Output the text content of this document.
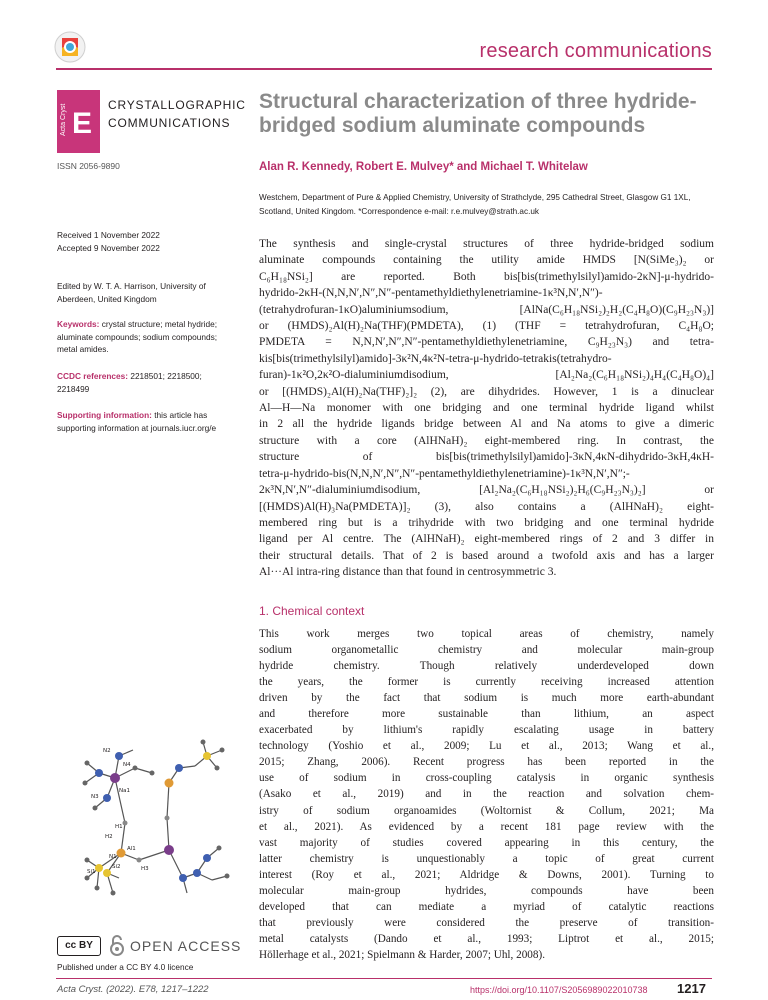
research communications
Acta Cryst E
CRYSTALLOGRAPHIC
COMMUNICATIONS
ISSN 2056-9890
Structural characterization of three hydride-
bridged sodium aluminate compounds
Alan R. Kennedy, Robert E. Mulvey* and Michael T. Whitelaw
Westchem, Department of Pure & Applied Chemistry, University of Strathclyde, 295 Cathedral Street, Glasgow G1 1XL,
Scotland, United Kingdom. *Correspondence e-mail: r.e.mulvey@strath.ac.uk
Received 1 November 2022
Accepted 9 November 2022
Edited by W. T. A. Harrison, University of Aberdeen, United Kingdom
Keywords: crystal structure; metal hydride; aluminate compounds; sodium compounds; metal amides.
CCDC references: 2218501; 2218500; 2218499
Supporting information: this article has supporting information at journals.iucr.org/e

The synthesis and single-crystal structures of three hydride-bridged sodium

aluminate compounds containing the utility amide HMDS [N(SiMe₃)₂ or

C₆H₁₈NSi₂] are reported. Both bis[bis(trimethylsilyl)amido-2κN]-μ-hydrido-

hydrido-2κH-(N,N,N′,N″,N″-pentamethyldiethylenetriamine-1κ³N,N′,N″)-

(tetrahydrofuran-1κO)aluminiumsodium, [AlNa(C₆H₁₈NSi₂)₂H₂(C₄H₈O)(C₉H₂₃N₃)]

or (HMDS)₂Al(H)₂Na(THF)(PMDETA), (1) (THF = tetrahydrofuran, C₄H₈O;

PMDETA = N,N,N′,N″,N″-pentamethyldiethylenetriamine, C₉H₂₃N₃) and tetra-

kis[bis(trimethylsilyl)amido]-3κ²N,4κ²N-tetra-μ-hydrido-tetrakis(tetrahydro-

furan)-1κ²O,2κ²O-dialuminiumdisodium, [Al₂Na₂(C₆H₁₈NSi₂)₄H₄(C₄H₈O)₄]

or [(HMDS)₂Al(H)₂Na(THF)₂]₂ (2), are dihydrides. However, 1 is a dinuclear

Al—H—Na monomer with one bridging and one terminal hydride ligand whilst

in 2 all the hydride ligands bridge between Al and Na atoms to give a dimeric

structure with a core (AlHNaH)₂ eight-membered ring. In contrast, the

structure of bis[bis(trimethylsilyl)amido]-3κN,4κN-dihydrido-3κH,4κH-

tetra-μ-hydrido-bis(N,N,N′,N″,N″-pentamethyldiethylenetriamine)-1κ³N,N′,N″;-

2κ³N,N′,N″-dialuminiumdisodium, [Al₂Na₂(C₆H₁₈NSi₂)₂H₆(C₉H₂₃N₃)₂] or

[(HMDS)Al(H)₃Na(PMDETA)]₂ (3), also contains a (AlHNaH)₂ eight-

membered ring but is a trihydride with two bridging and one terminal hydride

ligand per Al centre. The (AlHNaH)₂ eight-membered rings of 2 and 3 differ in

their structural details. That of 2 is based around a twofold axis and has a larger

Al···Al intra-ring distance than that found in centrosymmetric 3.

1. Chemical context

This work merges two topical areas of chemistry, namely

sodium organometallic chemistry and molecular main-group

hydride chemistry. Though relatively underdeveloped down

the years, the former is currently receiving increased attention

driven by the fact that sodium is much more earth-abundant

and therefore more sustainable than lithium, an aspect

exacerbated by lithium's rapidly escalating usage in battery

technology (Yoshio et al., 2009; Lu et al., 2013; Wang et al.,

2015; Zhang, 2006). Recent progress has been reported in the

use of sodium in cross-coupling catalysis in organic synthesis

(Asako et al., 2019) and in the reaction and solvation chem-

istry of sodium organoamides (Woltornist & Collum, 2021; Ma

et al., 2021). As evidenced by a recent 181 page review with the

vast majority of studies covered appearing in this century, the

latter chemistry is unquestionably a topic of great current

interest (Roy et al., 2021; Aldridge & Downs, 2001). Turning to

molecular main-group hydrides, compounds have been

developed that can mediate a myriad of catalytic reactions

that previously were considered the preserve of transition-

metal catalysts (Dando et al., 1993; Liptrot et al., 2015;

Höllerhage et al., 2021; Spielmann & Harder, 2007; Uhl, 2008).

N2
N4
N3
Na1
H1
H2
Al1
H3
Si1
Si2
N1
cc BY	OPEN ACCESS
Published under a CC BY 4.0 licence
Acta Cryst. (2022). E78, 1217–1222	https://doi.org/10.1107/S2056989022010738 1217
